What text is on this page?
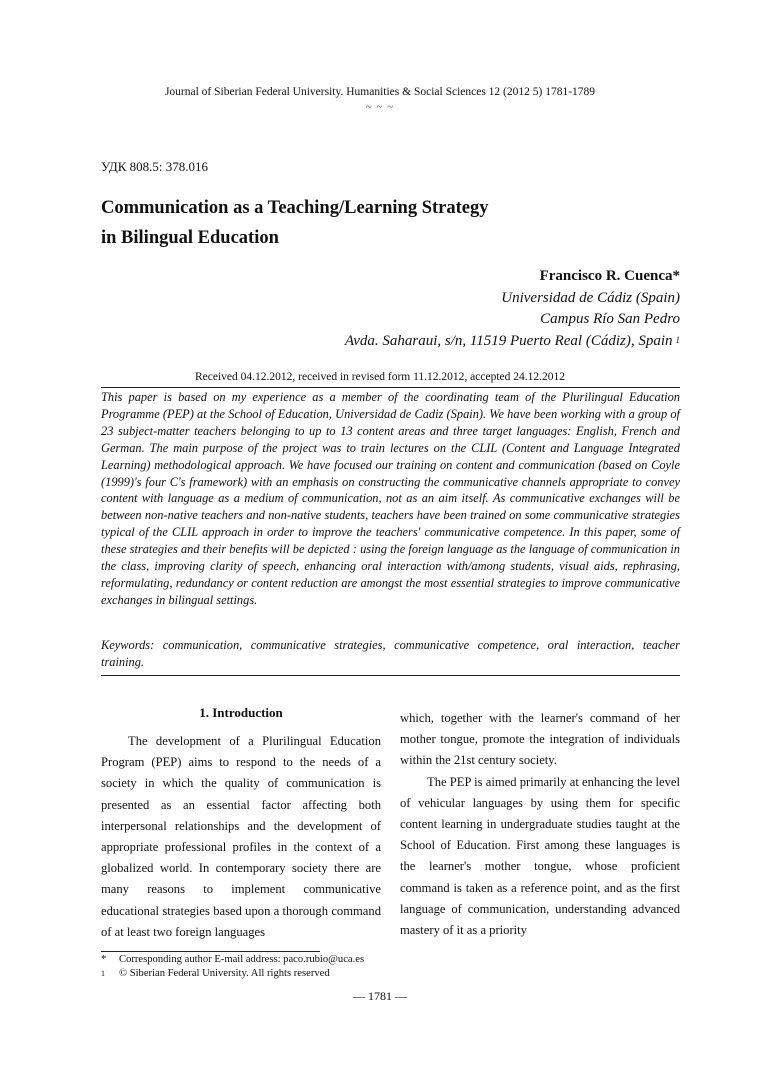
Journal of Siberian Federal University. Humanities & Social Sciences 12 (2012 5) 1781-1789
~ ~ ~
УДК 808.5: 378.016
Communication as a Teaching/Learning Strategy
in Bilingual Education
Francisco R. Cuenca*
Universidad de Cádiz (Spain)
Campus Río San Pedro
Avda. Saharaui, s/n, 11519 Puerto Real (Cádiz), Spain $^1$
Received 04.12.2012, received in revised form 11.12.2012, accepted 24.12.2012
This paper is based on my experience as a member of the coordinating team of the Plurilingual Education Programme (PEP) at the School of Education, Universidad de Cadiz (Spain). We have been working with a group of 23 subject-matter teachers belonging to up to 13 content areas and three target languages: English, French and German. The main purpose of the project was to train lectures on the CLIL (Content and Language Integrated Learning) methodological approach. We have focused our training on content and communication (based on Coyle (1999)'s four C's framework) with an emphasis on constructing the communicative channels appropriate to convey content with language as a medium of communication, not as an aim itself. As communicative exchanges will be between non-native teachers and non-native students, teachers have been trained on some communicative strategies typical of the CLIL approach in order to improve the teachers' communicative competence. In this paper, some of these strategies and their benefits will be depicted : using the foreign language as the language of communication in the class, improving clarity of speech, enhancing oral interaction with/among students, visual aids, rephrasing, reformulating, redundancy or content reduction are amongst the most essential strategies to improve communicative exchanges in bilingual settings.
Keywords: communication, communicative strategies, communicative competence, oral interaction, teacher training.
1. Introduction

The development of a Plurilingual Education Program (PEP) aims to respond to the needs of a society in which the quality of communication is presented as an essential factor affecting both interpersonal relationships and the development of appropriate professional profiles in the context of a globalized world. In contemporary society there are many reasons to implement communicative educational strategies based upon a thorough command of at least two foreign languages

which, together with the learner's command of her mother tongue, promote the integration of individuals within the 21st century society.

The PEP is aimed primarily at enhancing the level of vehicular languages by using them for specific content learning in undergraduate studies taught at the School of Education. First among these languages is the learner's mother tongue, whose proficient command is taken as a reference point, and as the first language of communication, understanding advanced mastery of it as a priority

*	Corresponding author E-mail address: paco.rubio@uca.es
1	© Siberian Federal University. All rights reserved
— 1781 —
